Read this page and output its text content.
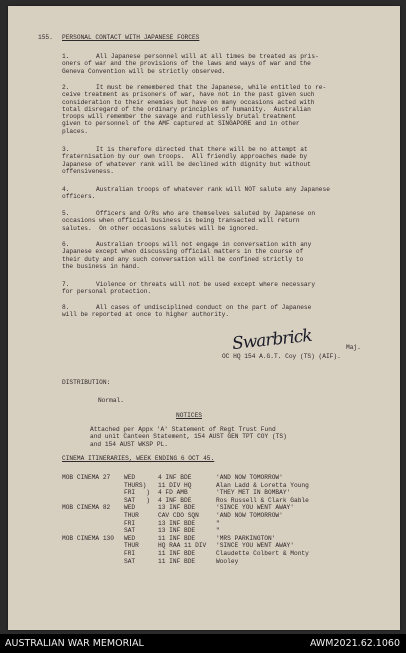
155. PERSONAL CONTACT WITH JAPANESE FORCES
1.	All Japanese personnel will at all times be treated as pris-
oners of war and the provisions of the laws and ways of war and the
Geneva Convention will be strictly observed.
2.	It must be remembered that the Japanese, while entitled to re-
ceive treatment as prisoners of war, have not in the past given such
consideration to their enemies but have on many occasions acted with
total disregard of the ordinary principles of humanity.  Australian
troops will remember the savage and ruthlessly brutal treatment
given to personnel of the AMF captured at SINGAPORE and in other
places.
3.	It is therefore directed that there will be no attempt at
fraternisation by our own troops.  All friendly approaches made by
Japanese of whatever rank will be declined with dignity but without
offensiveness.
4.	Australian troops of whatever rank will NOT salute any Japanese
officers.
5.	Officers and O/Rs who are themselves saluted by Japanese on
occasions when official business is being transacted will return
salutes.  On other occasions salutes will be ignored.
6.	Australian troops will not engage in conversation with any
Japanese except when discussing official matters in the course of
their duty and any such conversation will be confined strictly to
the business in hand.
7.	Violence or threats will not be used except where necessary
for personal protection.
8.	All cases of undisciplined conduct on the part of Japanese
will be reported at once to higher authority.
Swarbrick	Maj.
OC HQ 154 A.G.T. Coy (TS) (AIF).
DISTRIBUTION:
Normal.
NOTICES
Attached per Appx 'A' Statement of Regt Trust Fund
and unit Canteen Statement, 154 AUST GEN TPT COY (TS)
and 154 AUST WKSP PL.
CINEMA ITINERARIES, WEEK ENDING 6 OCT 45.
MOB CINEMA 27 WED	4 INF BDE	'AND NOW TOMORROW'
THURS) 11 DIV HQ	Alan Ladd & Loretta Young
FRI   ) 4 FD AMB	'THEY MET IN BOMBAY'
SAT   ) 4 INF BDE	Ros Russell & Clark Gable
MOB CINEMA 82 WED	13 INF BDE	'SINCE YOU WENT AWAY'
THUR	CAV CDO SQN	'AND NOW TOMORROW'
FRI	13 INF BDE	"
SAT	13 INF BDE	"
MOB CINEMA 130 WED	11 INF BDE	'MRS PARKINGTON'
THUR	HQ RAA 11 DIV 'SINCE YOU WENT AWAY'
FRI	11 INF BDE	Claudette Colbert & Monty
SAT	11 INF BDE	Wooley
AUSTRALIAN WAR MEMORIAL	AWM2021.62.1060
